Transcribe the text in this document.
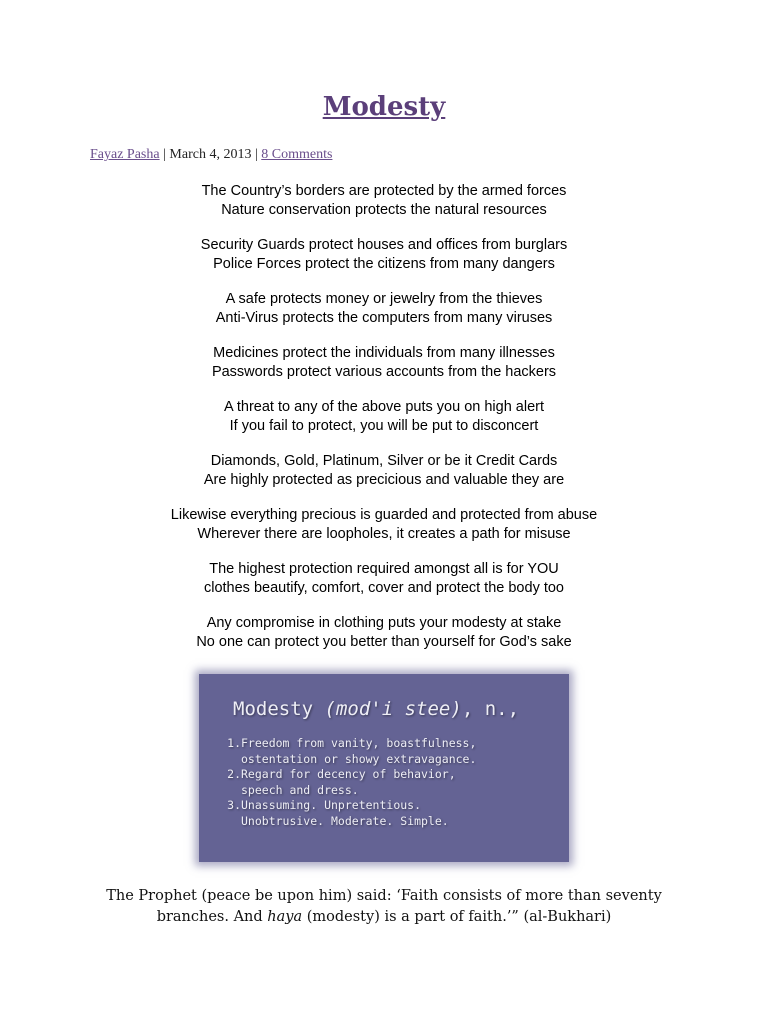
Modesty
Fayaz Pasha | March 4, 2013 | 8 Comments
The Country’s borders are protected by the armed forces
Nature conservation protects the natural resources
Security Guards protect houses and offices from burglars
Police Forces protect the citizens from many dangers
A safe protects money or jewelry from the thieves
Anti-Virus protects the computers from many viruses
Medicines protect the individuals from many illnesses
Passwords protect various accounts from the hackers
A threat to any of the above puts you on high alert
If you fail to protect, you will be put to disconcert
Diamonds, Gold, Platinum, Silver or be it Credit Cards
Are highly protected as precicious and valuable they are
Likewise everything precious is guarded and protected from abuse
Wherever there are loopholes, it creates a path for misuse
The highest protection required amongst all is for YOU
clothes beautify, comfort, cover and protect the body too
Any compromise in clothing puts your modesty at stake
No one can protect you better than yourself for God’s sake
Modesty (mod'i stee), n.,
1. Freedom from vanity, boastfulness,
ostentation or showy extravagance.
2. Regard for decency of behavior,
speech and dress.
3. Unassuming. Unpretentious.
Unobtrusive. Moderate. Simple.
The Prophet (peace be upon him) said: ‘Faith consists of more than seventy
branches. And haya (modesty) is a part of faith.’” (al-Bukhari)
